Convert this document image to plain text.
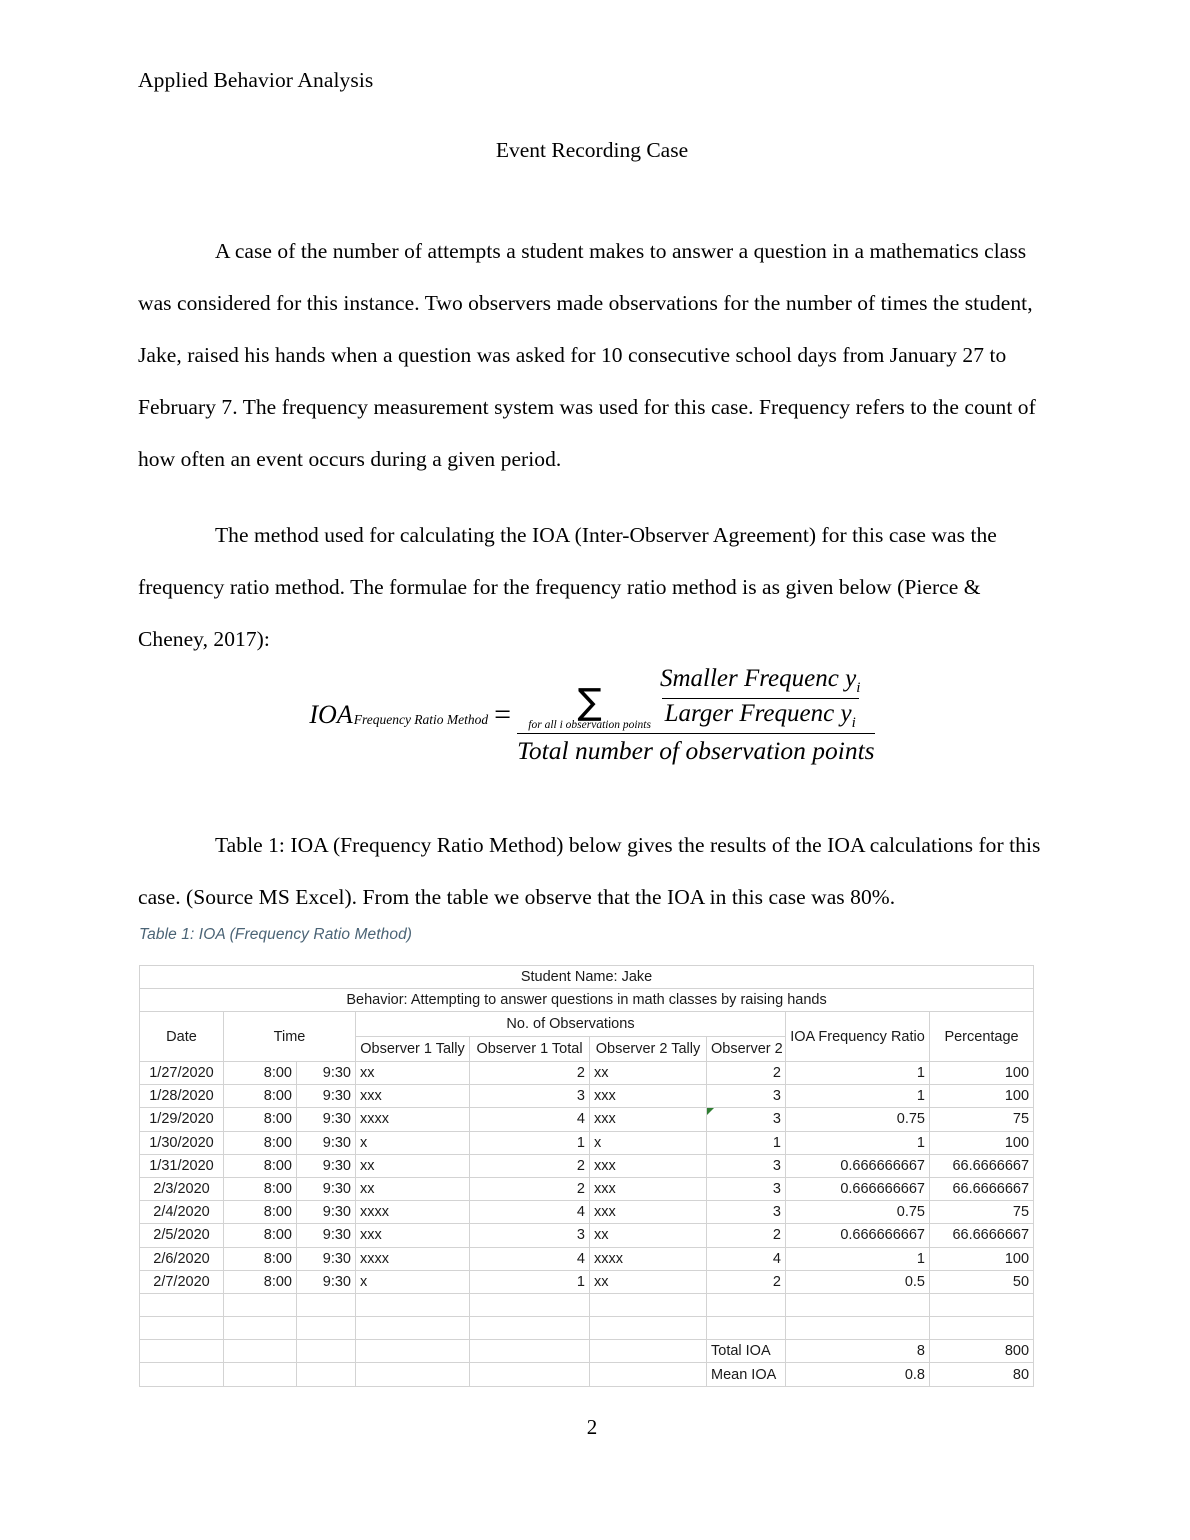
Applied Behavior Analysis
Event Recording Case

A case of the number of attempts a student makes to answer a question in a mathematics class was considered for this instance. Two observers made observations for the number of times the student, Jake, raised his hands when a question was asked for 10 consecutive school days from January 27 to February 7. The frequency measurement system was used for this case. Frequency refers to the count of how often an event occurs during a given period.

The method used for calculating the IOA (Inter-Observer Agreement) for this case was the frequency ratio method. The formulae for the frequency ratio method is as given below (Pierce & Cheney, 2017):

IOA Frequency Ratio Method = ∑
for all i observation points $\frac{Smaller Frequenc y_i}{Larger Frequenc y_i}$
Total number of observation points

Table 1: IOA (Frequency Ratio Method) below gives the results of the IOA calculations for this case. (Source MS Excel). From the table we observe that the IOA in this case was 80%.

Table 1: IOA (Frequency Ratio Method)
Student Name: Jake								
Behavior: Attempting to answer questions in math classes by raising hands								
Date	Time		No. of Observations				IOA Frequency Ratio	Percentage
			Observer 1 Tally	Observer 1 Total	Observer 2 Tally	Observer 2		
1/27/2020	8:00	9:30	xx	2	xx	2	1	100
1/28/2020	8:00	9:30	xxx	3	xxx	3	1	100
1/29/2020	8:00	9:30	xxxx	4	xxx	3	0.75	75
1/30/2020	8:00	9:30	x	1	x	1	1	100
1/31/2020	8:00	9:30	xx	2	xxx	3	0.666666667	66.6666667
2/3/2020	8:00	9:30	xx	2	xxx	3	0.666666667	66.6666667
2/4/2020	8:00	9:30	xxxx	4	xxx	3	0.75	75
2/5/2020	8:00	9:30	xxx	3	xx	2	0.666666667	66.6666667
2/6/2020	8:00	9:30	xxxx	4	xxxx	4	1	100
2/7/2020	8:00	9:30	x	1	xx	2	0.5	50

						Total IOA	8	800
						Mean IOA	0.8	80
2
